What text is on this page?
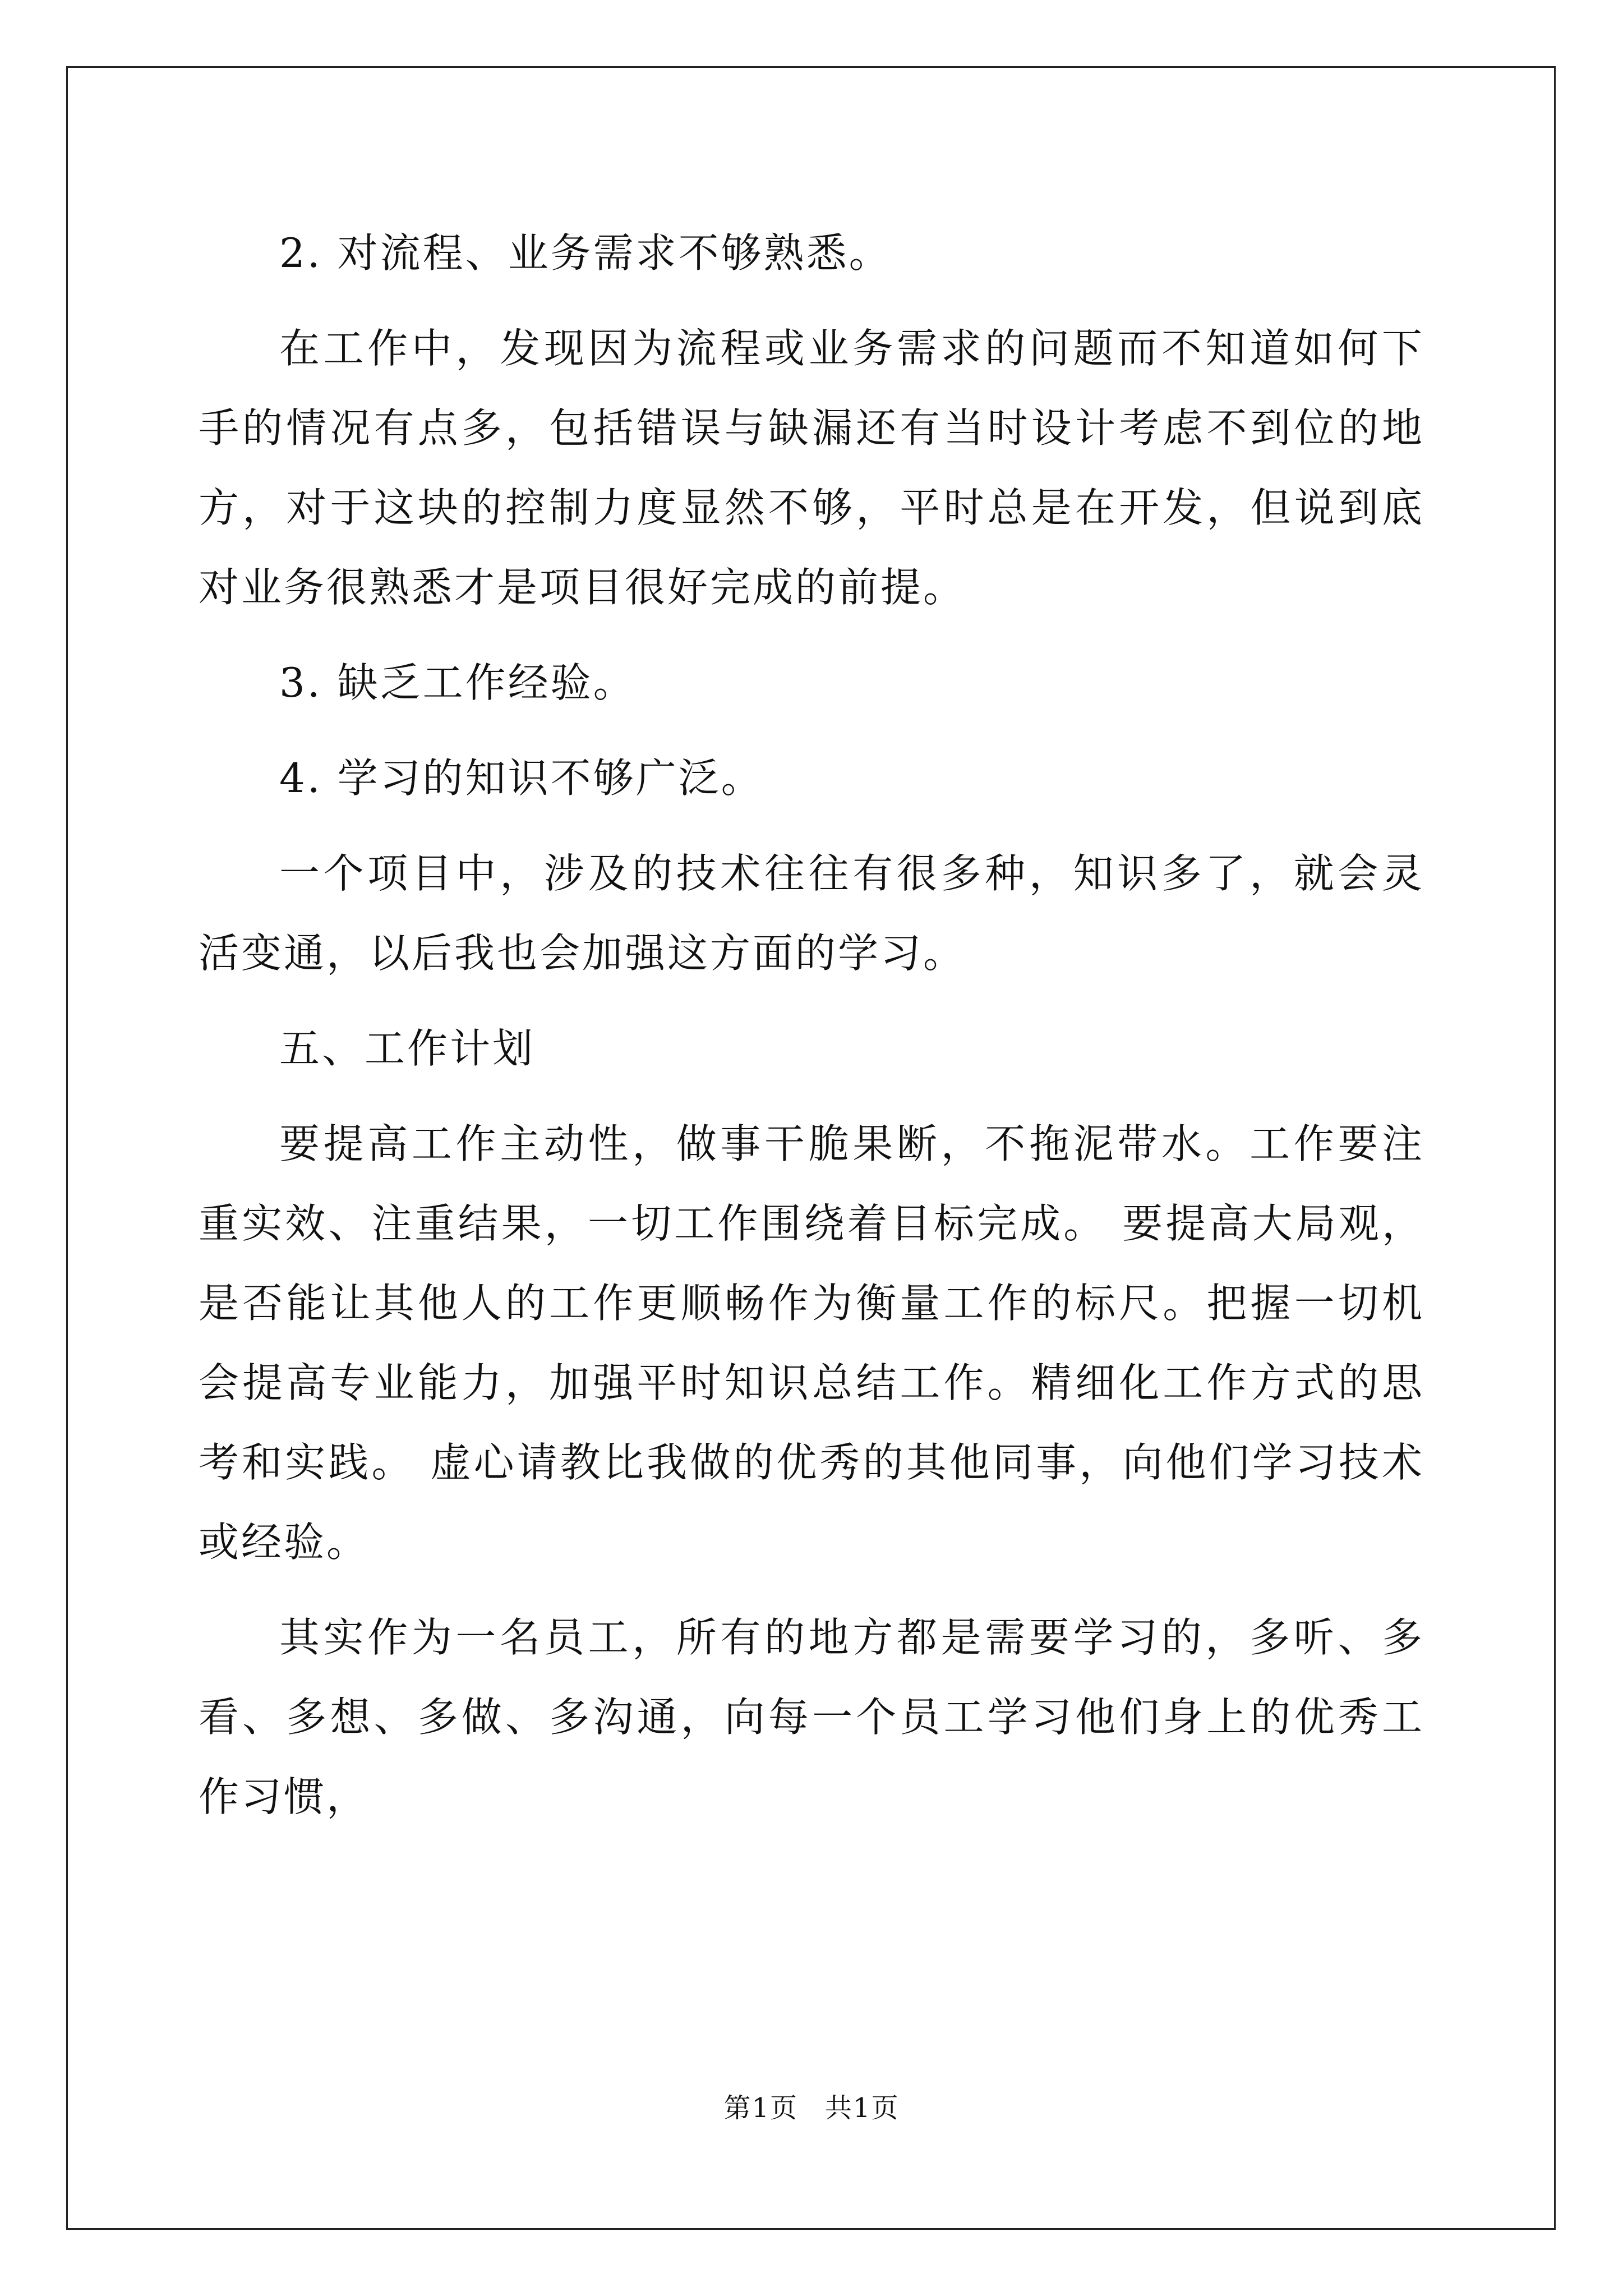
2. 对流程、业务需求不够熟悉。

在工作中，发现因为流程或业务需求的问题而不知道如何下手的情况有点多，包括错误与缺漏还有当时设计考虑不到位的地方，对于这块的控制力度显然不够，平时总是在开发，但说到底对业务很熟悉才是项目很好完成的前提。

3. 缺乏工作经验。

4. 学习的知识不够广泛。

一个项目中，涉及的技术往往有很多种，知识多了，就会灵活变通，以后我也会加强这方面的学习。

五、工作计划

要提高工作主动性，做事干脆果断，不拖泥带水。工作要注重实效、注重结果，一切工作围绕着目标完成。 要提高大局观，是否能让其他人的工作更顺畅作为衡量工作的标尺。把握一切机会提高专业能力，加强平时知识总结工作。精细化工作方式的思考和实践。 虚心请教比我做的优秀的其他同事，向他们学习技术或经验。

其实作为一名员工，所有的地方都是需要学习的，多听、多看、多想、多做、多沟通，向每一个员工学习他们身上的优秀工作习惯，

第1页 共1页
